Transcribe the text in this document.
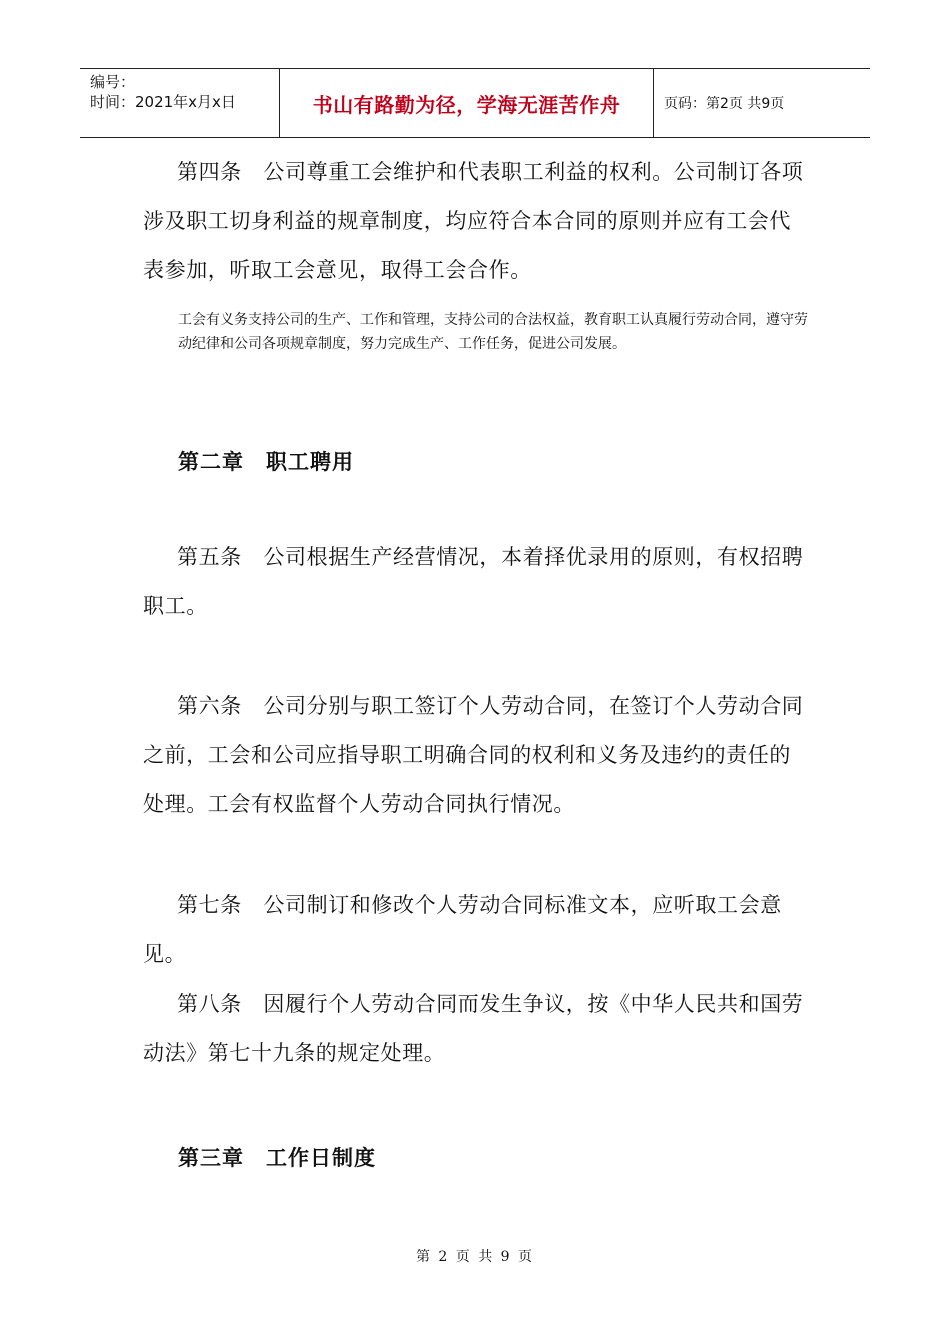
编号：
时间：2021年x月x日	书山有路勤为径，学海无涯苦作舟	页码：第2页 共9页

第四条　公司尊重工会维护和代表职工利益的权利。公司制订各项涉及职工切身利益的规章制度，均应符合本合同的原则并应有工会代表参加，听取工会意见，取得工会合作。

工会有义务支持公司的生产、工作和管理，支持公司的合法权益，教育职工认真履行劳动合同，遵守劳动纪律和公司各项规章制度，努力完成生产、工作任务，促进公司发展。

第二章　职工聘用

第五条　公司根据生产经营情况，本着择优录用的原则，有权招聘职工。

第六条　公司分别与职工签订个人劳动合同，在签订个人劳动合同之前，工会和公司应指导职工明确合同的权利和义务及违约的责任的处理。工会有权监督个人劳动合同执行情况。

第七条　公司制订和修改个人劳动合同标准文本，应听取工会意见。

第八条　因履行个人劳动合同而发生争议，按《中华人民共和国劳动法》第七十九条的规定处理。

第三章　工作日制度

第 2 页 共 9 页
